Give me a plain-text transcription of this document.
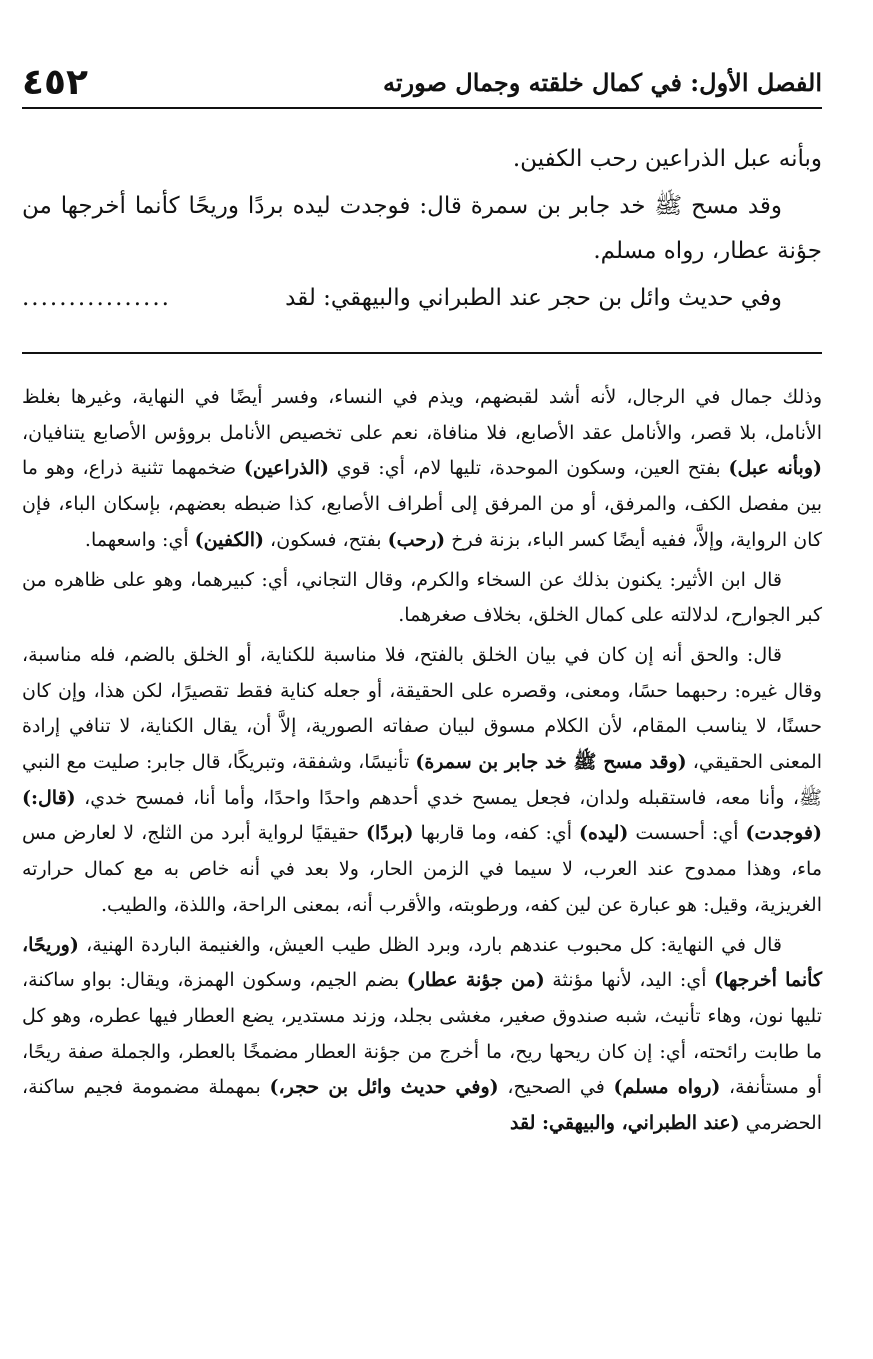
٤٥٢	الفصل الأول: في كمال خلقته وجمال صورته

وبأنه عبل الذراعين رحب الكفين.

وقد مسح ﷺ خد جابر بن سمرة قال: فوجدت ليده بردًا وريحًا كأنما أخرجها من جؤنة عطار، رواه مسلم.

وفي حديث وائل بن حجر عند الطبراني والبيهقي: لقد
................

وذلك جمال في الرجال، لأنه أشد لقبضهم، ويذم في النساء، وفسر أيضًا في النهاية، وغيرها بغلظ الأنامل، بلا قصر، والأنامل عقد الأصابع، فلا منافاة، نعم على تخصيص الأنامل بروؤس الأصابع يتنافيان، (وبأنه عبل) بفتح العين، وسكون الموحدة، تليها لام، أي: قوي (الذراعين) ضخمهما تثنية ذراع، وهو ما بين مفصل الكف، والمرفق، أو من المرفق إلى أطراف الأصابع، كذا ضبطه بعضهم، بإسكان الباء، فإن كان الرواية، وإلاَّ، ففيه أيضًا كسر الباء، بزنة فرخ (رحب) بفتح، فسكون، (الكفين) أي: واسعهما.

قال ابن الأثير: يكنون بذلك عن السخاء والكرم، وقال التجاني، أي: كبيرهما، وهو على ظاهره من كبر الجوارح، لدلالته على كمال الخلق، بخلاف صغرهما.

قال: والحق أنه إن كان في بيان الخلق بالفتح، فلا مناسبة للكناية، أو الخلق بالضم، فله مناسبة، وقال غيره: رحبهما حسًا، ومعنى، وقصره على الحقيقة، أو جعله كناية فقط تقصيرًا، لكن هذا، وإن كان حسنًا، لا يناسب المقام، لأن الكلام مسوق لبيان صفاته الصورية، إلاَّ أن، يقال الكناية، لا تنافي إرادة المعنى الحقيقي، (وقد مسح ﷺ خد جابر بن سمرة) تأنيسًا، وشفقة، وتبريكًا، قال جابر: صليت مع النبي ﷺ، وأنا معه، فاستقبله ولدان، فجعل يمسح خدي أحدهم واحدًا واحدًا، وأما أنا، فمسح خدي، (قال:) (فوجدت) أي: أحسست (ليده) أي: كفه، وما قاربها (بردًا) حقيقيًا لرواية أبرد من الثلج، لا لعارض مس ماء، وهذا ممدوح عند العرب، لا سيما في الزمن الحار، ولا بعد في أنه خاص به مع كمال حرارته الغريزية، وقيل: هو عبارة عن لين كفه، ورطوبته، والأقرب أنه، بمعنى الراحة، واللذة، والطيب.

قال في النهاية: كل محبوب عندهم بارد، وبرد الظل طيب العيش، والغنيمة الباردة الهنية، (وريحًا، كأنما أخرجها) أي: اليد، لأنها مؤنثة (من جؤنة عطار) بضم الجيم، وسكون الهمزة، ويقال: بواو ساكنة، تليها نون، وهاء تأنيث، شبه صندوق صغير، مغشى بجلد، وزند مستدير، يضع العطار فيها عطره، وهو كل ما طابت رائحته، أي: إن كان ريحها ريح، ما أخرج من جؤنة العطار مضمخًا بالعطر، والجملة صفة ريحًا، أو مستأنفة، (رواه مسلم) في الصحيح، (وفي حديث وائل بن حجر،) بمهملة مضمومة فجيم ساكنة، الحضرمي (عند الطبراني، والبيهقي: لقد
